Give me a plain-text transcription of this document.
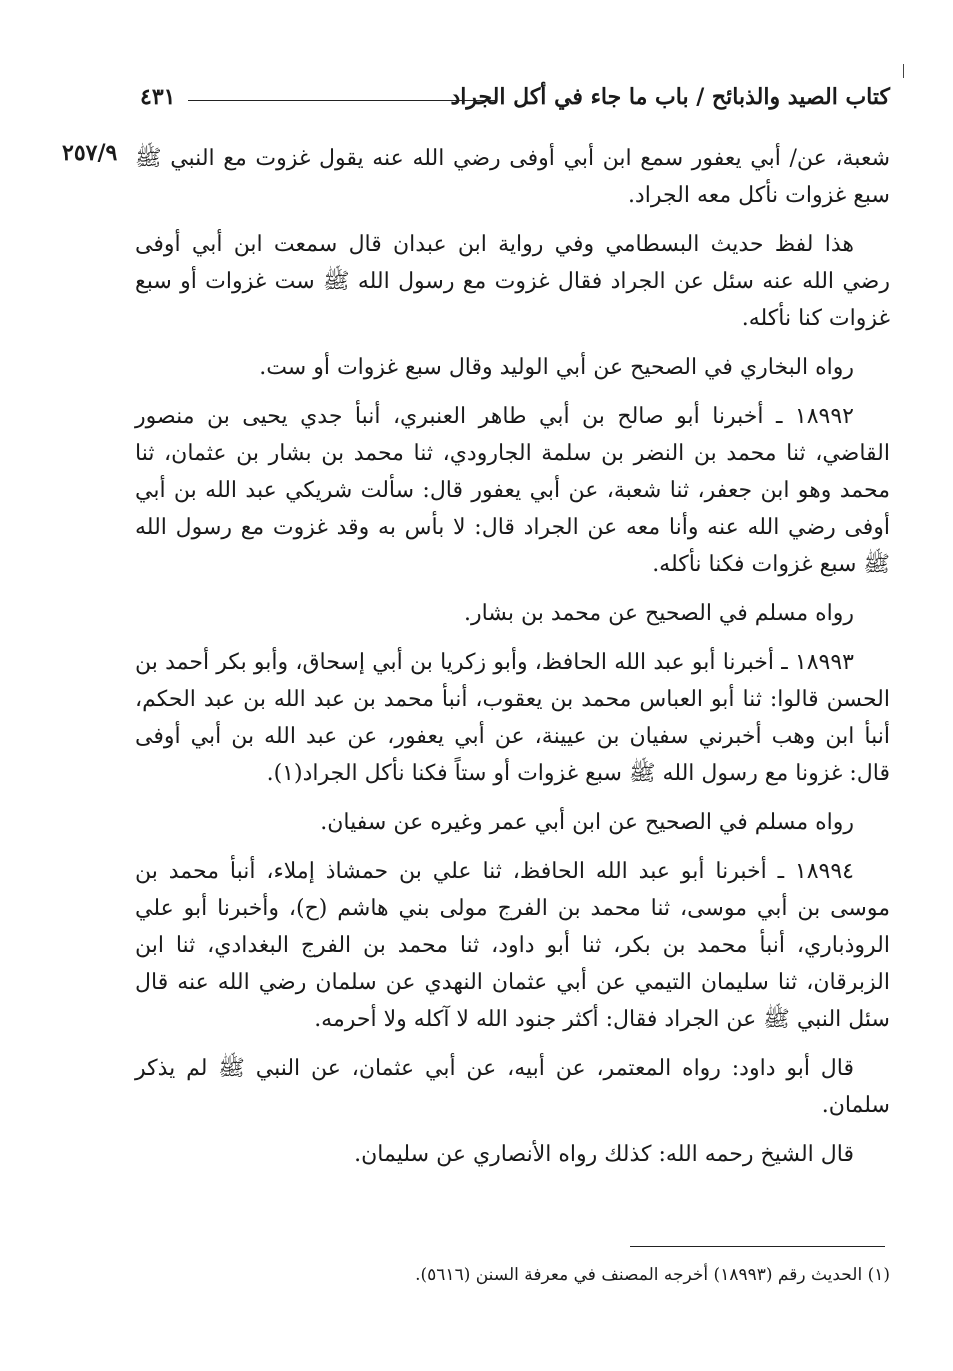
كتاب الصيد والذبائح / باب ما جاء في أكل الجراد
٤٣١
٢٥٧/٩ شعبة، عن/ أبي يعفور سمع ابن أبي أوفى رضي الله عنه يقول غزوت مع النبي ﷺ سبع غزوات نأكل معه الجراد.

هذا لفظ حديث البسطامي وفي رواية ابن عبدان قال سمعت ابن أبي أوفى رضي الله عنه سئل عن الجراد فقال غزوت مع رسول الله ﷺ ست غزوات أو سبع غزوات كنا نأكله.

رواه البخاري في الصحيح عن أبي الوليد وقال سبع غزوات أو ست.

١٨٩٩٢ ـ أخبرنا أبو صالح بن أبي طاهر العنبري، أنبأ جدي يحيى بن منصور القاضي، ثنا محمد بن النضر بن سلمة الجارودي، ثنا محمد بن بشار بن عثمان، ثنا محمد وهو ابن جعفر، ثنا شعبة، عن أبي يعفور قال: سألت شريكي عبد الله بن أبي أوفى رضي الله عنه وأنا معه عن الجراد قال: لا بأس به وقد غزوت مع رسول الله ﷺ سبع غزوات فكنا نأكله.

رواه مسلم في الصحيح عن محمد بن بشار.

١٨٩٩٣ ـ أخبرنا أبو عبد الله الحافظ، وأبو زكريا بن أبي إسحاق، وأبو بكر أحمد بن الحسن قالوا: ثنا أبو العباس محمد بن يعقوب، أنبأ محمد بن عبد الله بن عبد الحكم، أنبأ ابن وهب أخبرني سفيان بن عيينة، عن أبي يعفور، عن عبد الله بن أبي أوفى قال: غزونا مع رسول الله ﷺ سبع غزوات أو ستاً فكنا نأكل الجراد(١).

رواه مسلم في الصحيح عن ابن أبي عمر وغيره عن سفيان.

١٨٩٩٤ ـ أخبرنا أبو عبد الله الحافظ، ثنا علي بن حمشاذ إملاء، أنبأ محمد بن موسى بن أبي موسى، ثنا محمد بن الفرج مولى بني هاشم (ح)، وأخبرنا أبو علي الروذباري، أنبأ محمد بن بكر، ثنا أبو داود، ثنا محمد بن الفرج البغدادي، ثنا ابن الزبرقان، ثنا سليمان التيمي عن أبي عثمان النهدي عن سلمان رضي الله عنه قال سئل النبي ﷺ عن الجراد فقال: أكثر جنود الله لا آكله ولا أحرمه.

قال أبو داود: رواه المعتمر، عن أبيه، عن أبي عثمان، عن النبي ﷺ لم يذكر سلمان.

قال الشيخ رحمه الله: كذلك رواه الأنصاري عن سليمان.

(١) الحديث رقم (١٨٩٩٣) أخرجه المصنف في معرفة السنن (٥٦١٦).
